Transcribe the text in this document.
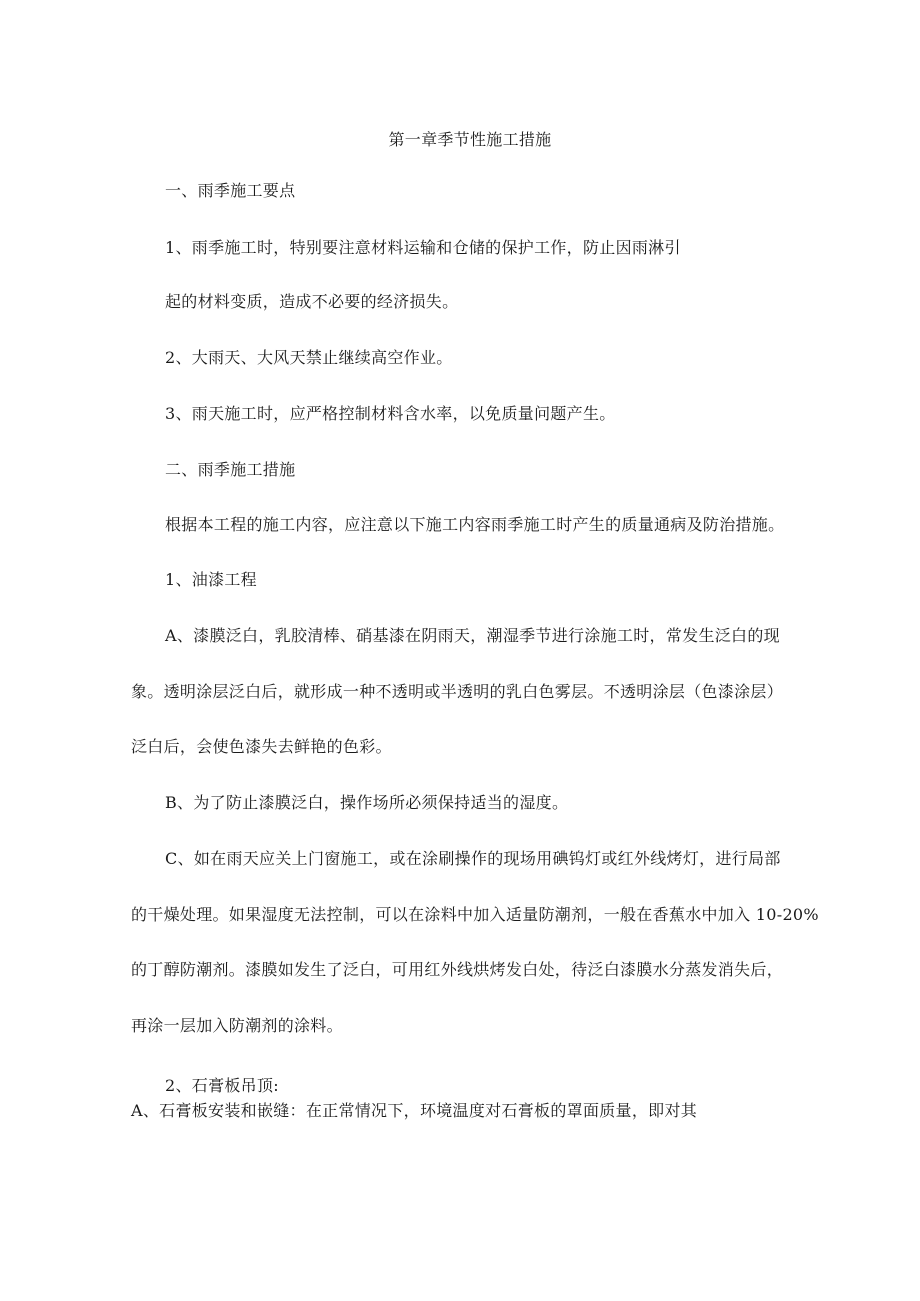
第一章季节性施工措施
一、雨季施工要点
1、雨季施工时，特别要注意材料运输和仓储的保护工作，防止因雨淋引
起的材料变质，造成不必要的经济损失。
2、大雨天、大风天禁止继续高空作业。
3、雨天施工时，应严格控制材料含水率，以免质量问题产生。
二、雨季施工措施
根据本工程的施工内容，应注意以下施工内容雨季施工时产生的质量通病及防治措施。
1、油漆工程
A、漆膜泛白，乳胶清棒、硝基漆在阴雨天，潮湿季节进行涂施工时，常发生泛白的现
象。透明涂层泛白后，就形成一种不透明或半透明的乳白色雾层。不透明涂层（色漆涂层）
泛白后，会使色漆失去鲜艳的色彩。
B、为了防止漆膜泛白，操作场所必须保持适当的湿度。
C、如在雨天应关上门窗施工，或在涂刷操作的现场用碘钨灯或红外线烤灯，进行局部
的干燥处理。如果湿度无法控制，可以在涂料中加入适量防潮剂，一般在香蕉水中加入 10-20%
的丁醇防潮剂。漆膜如发生了泛白，可用红外线烘烤发白处，待泛白漆膜水分蒸发消失后，
再涂一层加入防潮剂的涂料。
2、石膏板吊顶:
A、石膏板安装和嵌缝：在正常情况下，环境温度对石膏板的罩面质量，即对其
